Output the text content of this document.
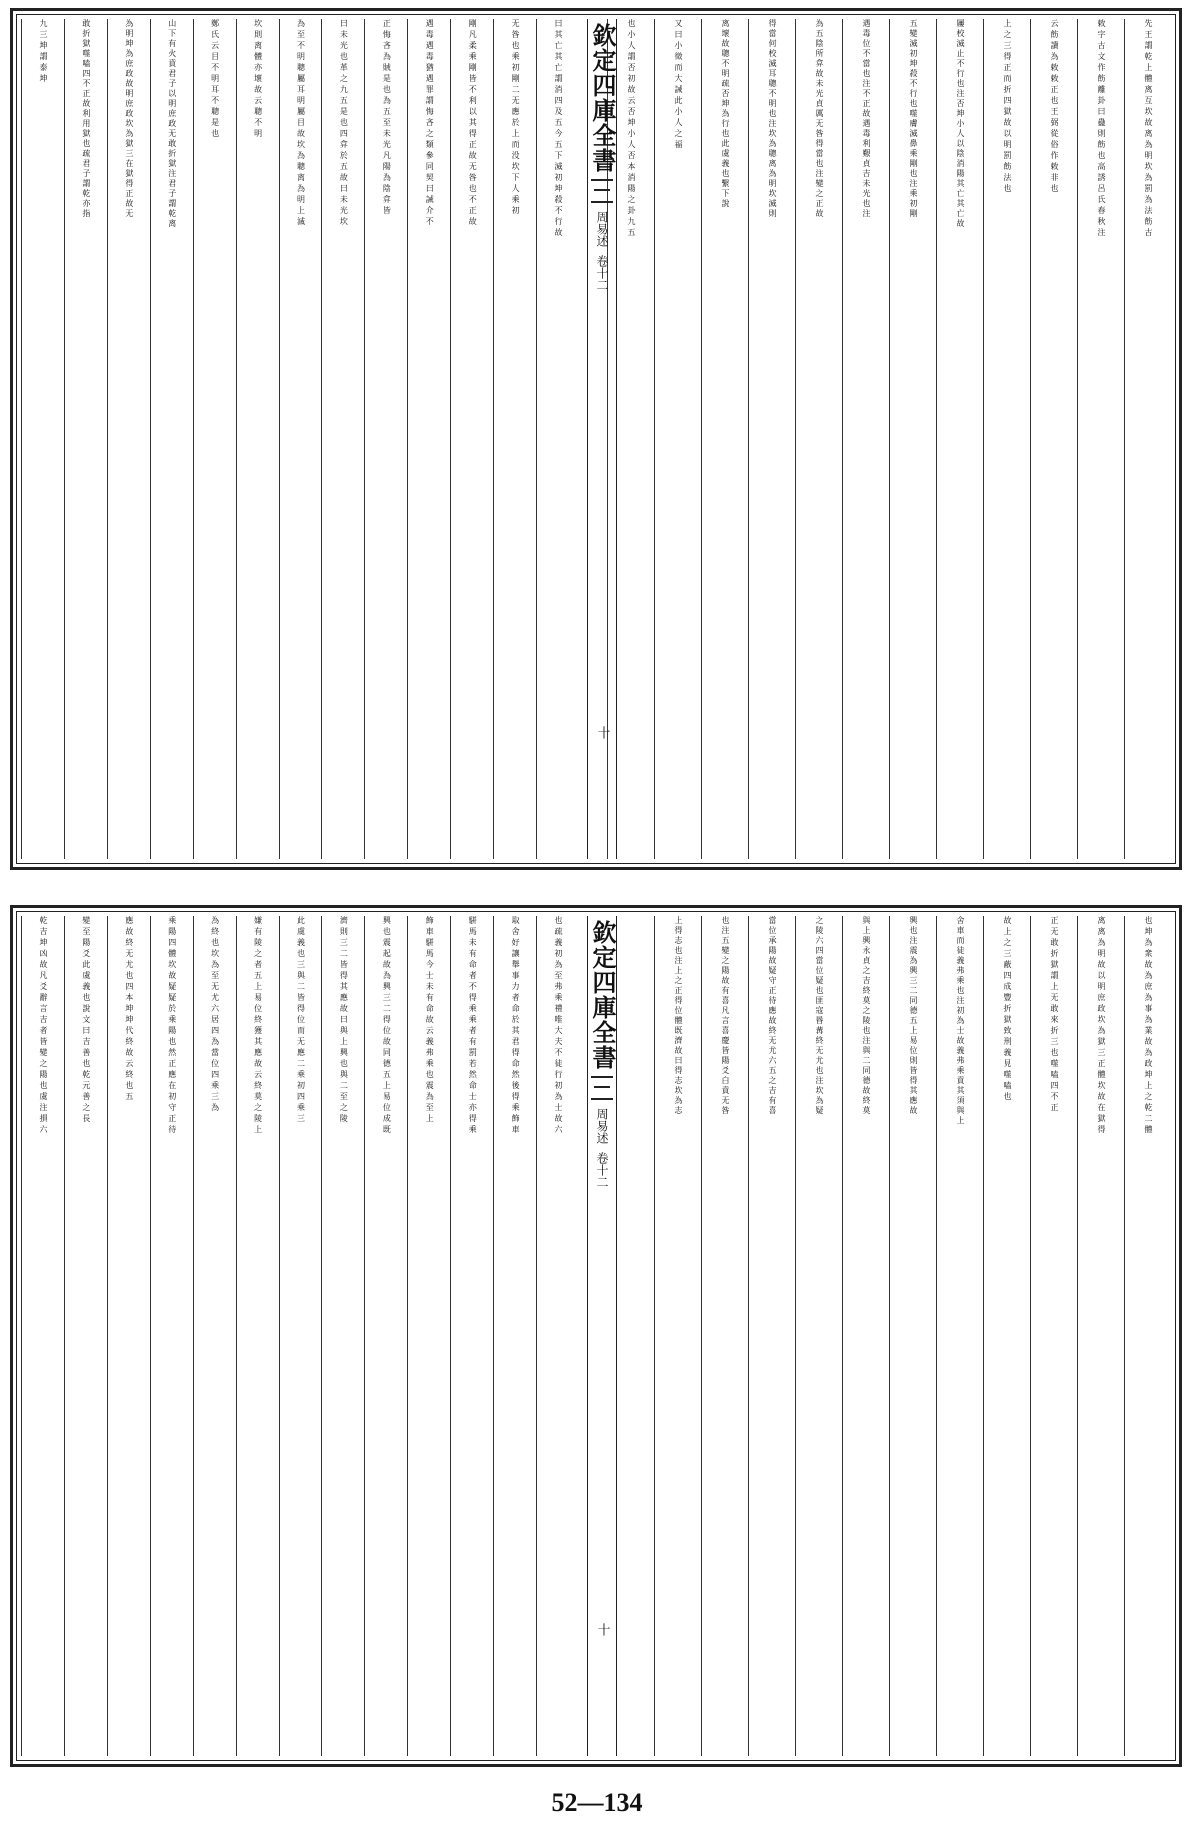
先王謂乾上體离互坎故离為明坎為罰為法飭古
敕字古文作飭離卦曰蠱則飭也高誘呂氏春秋注
云飭讀為敕敕正也王弼從俗作敕非也
上之三得正而折四獄故以明罰飭法也
屨校滅止不行也注否坤小人以陰消陽其亡其亡故
五變滅初坤殺不行也噬膚滅鼻乘剛也注乘初剛
遇毒位不當也注不正故遇毒利艱貞吉未光也注
為五陰所弇故未光貞厲无咎得當也注變之正故
得當何校滅耳聰不明也注坎為聰离為明坎滅則
离壞故聰不明疏否坤為行也此虞義也繫下說
又曰小徵而大誡此小人之福
也小人謂否初故云否坤小人否本消陽之卦九五
欽定四庫全書
周易述
卷十二
十
曰其亡其亡謂消四及五今五下滅初坤殺不行故
无咎也乘初剛二无應於上而没坎下人乘初
剛凡柔乘剛皆不利以其得正故无咎也不正故
遇毒遇毒猶遇罪謂悔吝之類參同契曰誡介不
正悔吝為賊是也為五至未光凡陽為陰弇皆
曰未光也革之九五是也四弇於五故曰未光坎
為至不明聰屬耳明屬目故坎為聰离為明上滅
坎則离體亦壞故云聰不明
鄭氏云目不明耳不聰是也
山下有火賁君子以明庶政无敢折獄注君子謂乾离
為明坤為庶政故明庶政坎為獄三在獄得正故无
敢折獄噬嗑四不正故利用獄也疏君子謂乾亦指
九三坤謂泰坤
也坤為衆故為庶為事為業故為政坤上之乾二體
离离為明故以明庶政坎為獄三正體坎故在獄得
正无敢折獄謂上无敢來折三也噬嗑四不正
故上之三蔽四成豐折獄致刑義見噬嗑也
舍車而徒義弗乘也注初為士故義弗乘賁其須與上
興也注震為興三二同德五上易位則皆得其應故
與上興永貞之吉終莫之陵也注與二同德故終莫
之陵六四當位疑也匪寇昬冓終无尤也注坎為疑
當位承陽故疑守正待應故終无尤六五之吉有喜
也注五變之陽故有喜凡言喜慶皆陽爻白賁无咎
上得志也注上之正得位體既濟故曰得志坎為志
欽定四庫全書
周易述
卷十二
十
也疏義初為至弗乘禮唯大夫不徒行初為士故六
取舍好讓舉事力者命於其君得命然後得乘飾車
駢馬未有命者不得乘乘者有罰若然命士亦得乘
飾車駢馬今士未有命故云義弗乘也震為至上
興也震起故為興三二得位故同德五上易位成既
濟則三二皆得其應故曰與上興也與二至之陵
此虞義也三與二皆得位而无應二乘初四乘三
嫌有陵之者五上易位終獲其應故云終莫之陵上
為終也坎為至无尤六居四為當位四乘三為
乘陽四體坎故疑疑於乘陽也然正應在初守正待
應故終无尤也四本坤坤代終故云終也五
變至陽爻此虞義也說文曰吉善也乾元善之長
乾吉坤凶故凡爻辭言吉者皆變之陽也虞注損六
52—134
